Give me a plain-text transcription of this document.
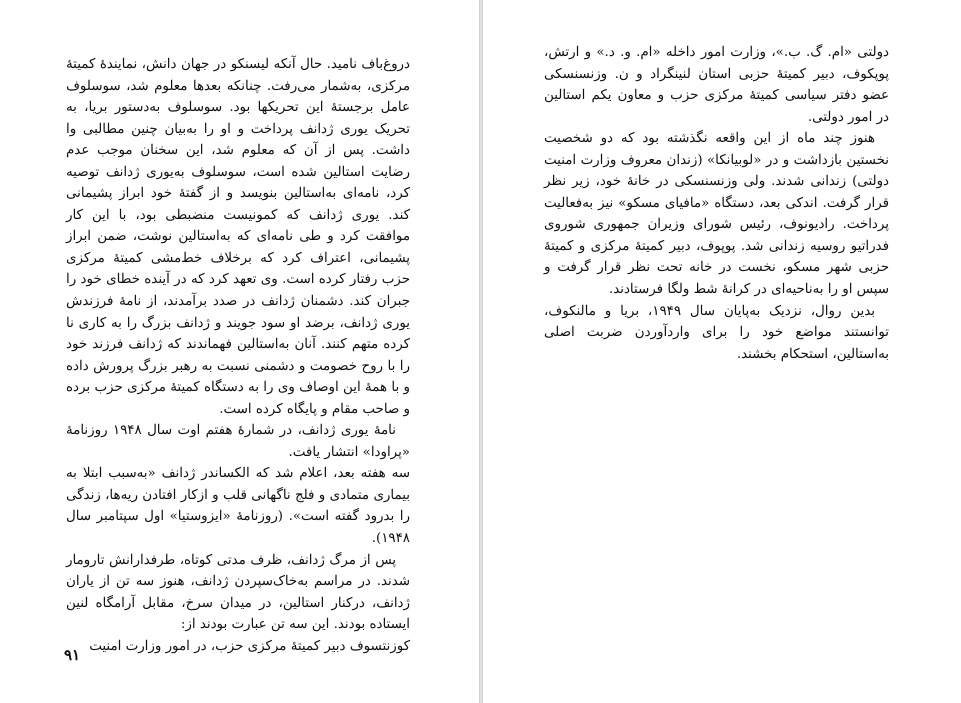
دروغ‌باف نامید. حال آنکه لیسنکو در جهان دانش، نمایندهٔ کمیتهٔ مرکزی، به‌شمار می‌رفت. چنانکه بعدها معلوم شد، سوسلوف عامل برجستهٔ این تحریکها بود. سوسلوف به‌دستور بریا، به تحریک یوری ژدانف پرداخت و او را به‌بیان چنین مطالبی وا داشت. پس از آن که معلوم شد، این سخنان موجب عدم رضایت استالین شده است، سوسلوف به‌یوری ژدانف توصیه کرد، نامه‌ای به‌استالین بنویسد و از گفتهٔ خود ابراز پشیمانی کند. یوری ژدانف که کمونیست منضبطی بود، با این کار موافقت کرد و طی نامه‌ای که به‌استالین نوشت، ضمن ابراز پشیمانی، اعتراف کرد که برخلاف خط‌مشی کمیتهٔ مرکزی حزب رفتار کرده است. وی تعهد کرد که در آینده خطای خود را جبران کند. دشمنان ژدانف در صدد برآمدند، از نامهٔ فرزندش یوری ژدانف، برضد او سود جویند و ژدانف بزرگ را به کاری نا کرده متهم کنند. آنان به‌استالین فهماندند که ژدانف فرزند خود را با روح خصومت و دشمنی نسبت به رهبر بزرگ پرورش داده و با همهٔ این اوصاف وی را به دستگاه کمیتهٔ مرکزی حزب برده و صاحب مقام و پایگاه کرده است.

نامهٔ یوری ژدانف، در شمارهٔ هفتم اوت سال ۱۹۴۸ روزنامهٔ «پراودا» انتشار یافت.

سه هفته بعد، اعلام شد که الکساندر ژدانف «به‌سبب ابتلا به بیماری متمادی و فلج ناگهانی قلب و ازکار افتادن ریه‌ها، زندگی را بدرود گفته است». (روزنامهٔ «ایزوستیا» اول سپتامبر سال ۱۹۴۸).

پس از مرگ ژدانف، ظرف مدتی کوتاه، طرفدارانش تارومار شدند. در مراسم به‌خاک‌سپردن ژدانف، هنوز سه تن از یاران ژدانف، درکنار استالین، در میدان سرخ، مقابل آرامگاه لنین ایستاده بودند. این سه تن عبارت بودند از:

کوزنتسوف دبیر کمیتهٔ مرکزی حزب، در امور وزارت امنیت

۹۱

دولتی «ام. گ. ب.»، وزارت امور داخله «ام. و. د.» و ارتش، پوپکوف، دبیر کمیتهٔ حزبی استان لنینگراد و ن. وزنسنسکی عضو دفتر سیاسی کمیتهٔ مرکزی حزب و معاون یکم استالین در امور دولتی.

هنوز چند ماه از این واقعه نگذشته بود که دو شخصیت نخستین بازداشت و در «لوبیانکا» (زندان معروف وزارت امنیت دولتی) زندانی شدند. ولی وزنسنسکی در خانهٔ خود، زیر نظر قرار گرفت. اندکی بعد، دستگاه «مافیای مسکو» نیز به‌فعالیت پرداخت. رادیونوف، رئیس شورای وزیران جمهوری شوروی فدراتیو روسیه زندانی شد. پوپوف، دبیر کمیتهٔ مرکزی و کمیتهٔ حزبی شهر مسکو، نخست در خانه تحت نظر قرار گرفت و سپس او را به‌ناحیه‌ای در کرانهٔ شط ولگا فرستادند.

بدین روال، نزدیک به‌پایان سال ۱۹۴۹، بریا و مالنکوف، توانستند مواضع خود را برای واردآوردن ضربت اصلی به‌استالین، استحکام بخشند.
